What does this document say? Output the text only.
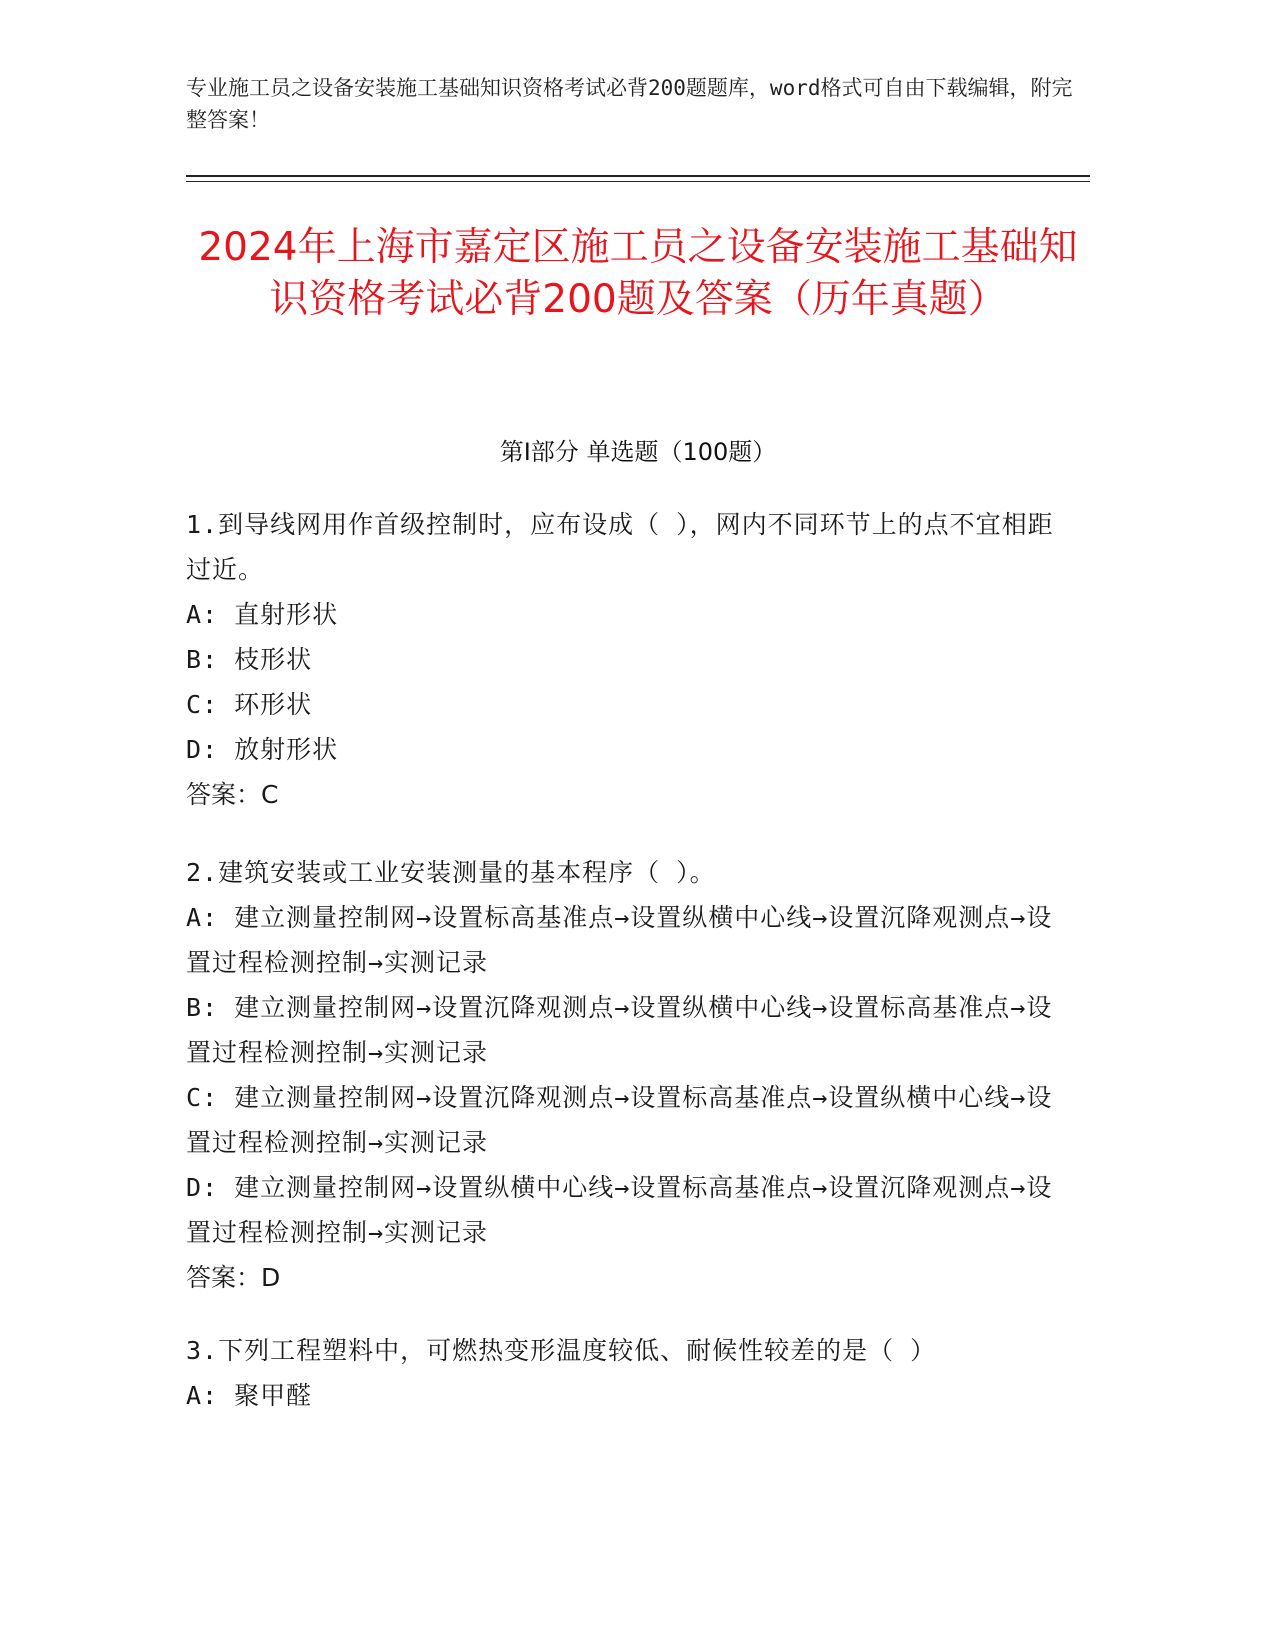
专业施工员之设备安装施工基础知识资格考试必背200题题库，word格式可自由下载编辑，附完整答案！
2024年上海市嘉定区施工员之设备安装施工基础知识资格考试必背200题及答案（历年真题）
第I部分 单选题（100题）

1.到导线网用作首级控制时，应布设成（ ），网内不同环节上的点不宜相距过近。

A: 直射形状

B: 枝形状

C: 环形状

D: 放射形状

答案：C

2.建筑安装或工业安装测量的基本程序（ ）。

A: 建立测量控制网→设置标高基准点→设置纵横中心线→设置沉降观测点→设置过程检测控制→实测记录

B: 建立测量控制网→设置沉降观测点→设置纵横中心线→设置标高基准点→设置过程检测控制→实测记录

C: 建立测量控制网→设置沉降观测点→设置标高基准点→设置纵横中心线→设置过程检测控制→实测记录

D: 建立测量控制网→设置纵横中心线→设置标高基准点→设置沉降观测点→设置过程检测控制→实测记录

答案：D

3.下列工程塑料中，可燃热变形温度较低、耐候性较差的是（ ）

A: 聚甲醛
